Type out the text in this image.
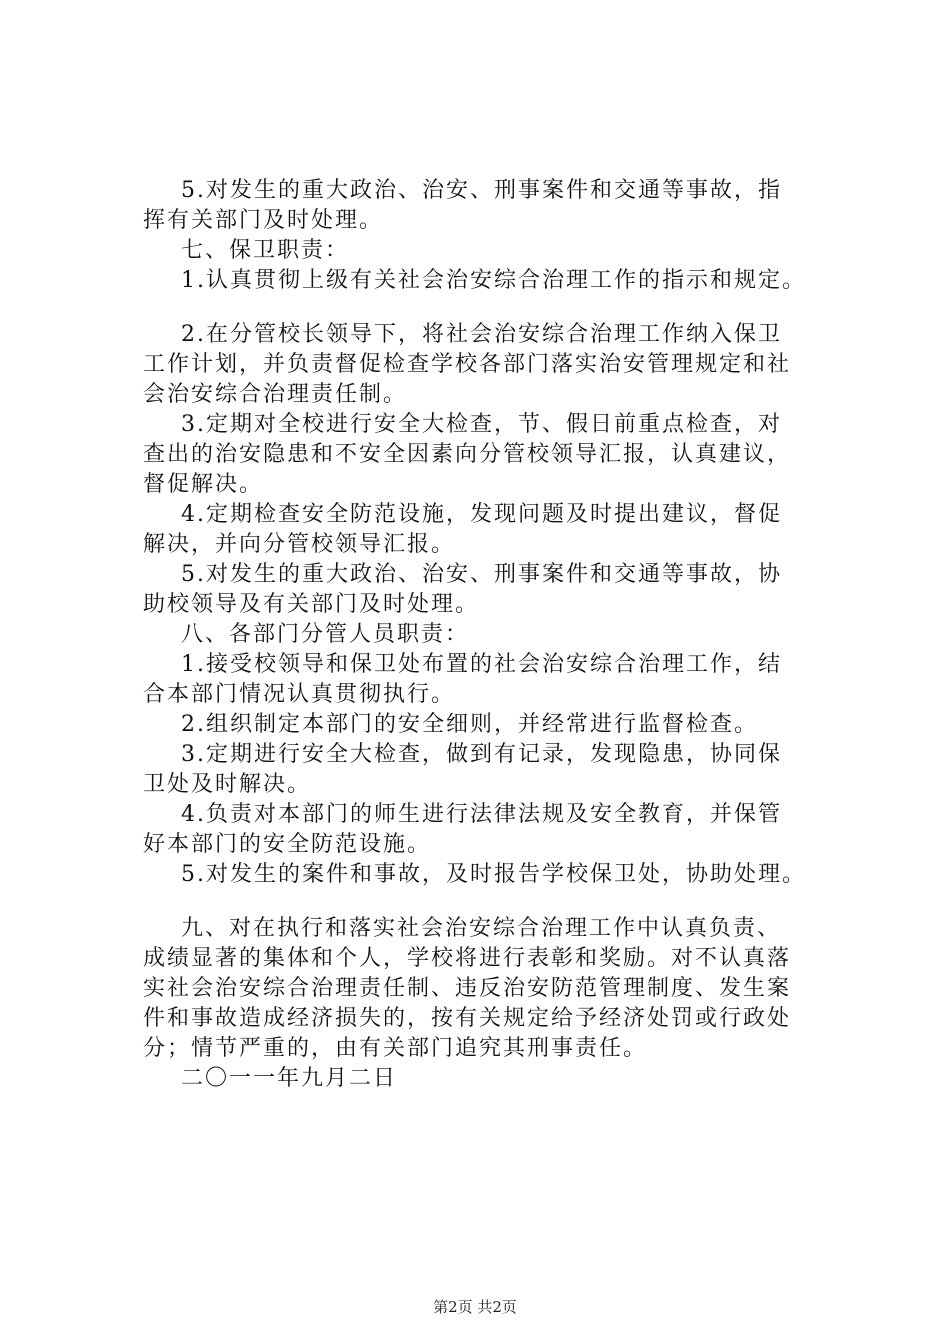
5.对发生的重大政治、治安、刑事案件和交通等事故，指
挥有关部门及时处理。

七、保卫职责：

1.认真贯彻上级有关社会治安综合治理工作的指示和规定。

2.在分管校长领导下，将社会治安综合治理工作纳入保卫
工作计划，并负责督促检查学校各部门落实治安管理规定和社
会治安综合治理责任制。

3.定期对全校进行安全大检查，节、假日前重点检查，对
查出的治安隐患和不安全因素向分管校领导汇报，认真建议，
督促解决。

4.定期检查安全防范设施，发现问题及时提出建议，督促
解决，并向分管校领导汇报。

5.对发生的重大政治、治安、刑事案件和交通等事故，协
助校领导及有关部门及时处理。

八、各部门分管人员职责：

1.接受校领导和保卫处布置的社会治安综合治理工作，结
合本部门情况认真贯彻执行。

2.组织制定本部门的安全细则，并经常进行监督检查。

3.定期进行安全大检查，做到有记录，发现隐患，协同保
卫处及时解决。

4.负责对本部门的师生进行法律法规及安全教育，并保管
好本部门的安全防范设施。

5.对发生的案件和事故，及时报告学校保卫处，协助处理。

九、对在执行和落实社会治安综合治理工作中认真负责、
成绩显著的集体和个人，学校将进行表彰和奖励。对不认真落
实社会治安综合治理责任制、违反治安防范管理制度、发生案
件和事故造成经济损失的，按有关规定给予经济处罚或行政处
分；情节严重的，由有关部门追究其刑事责任。

二〇一一年九月二日

第2页 共2页
